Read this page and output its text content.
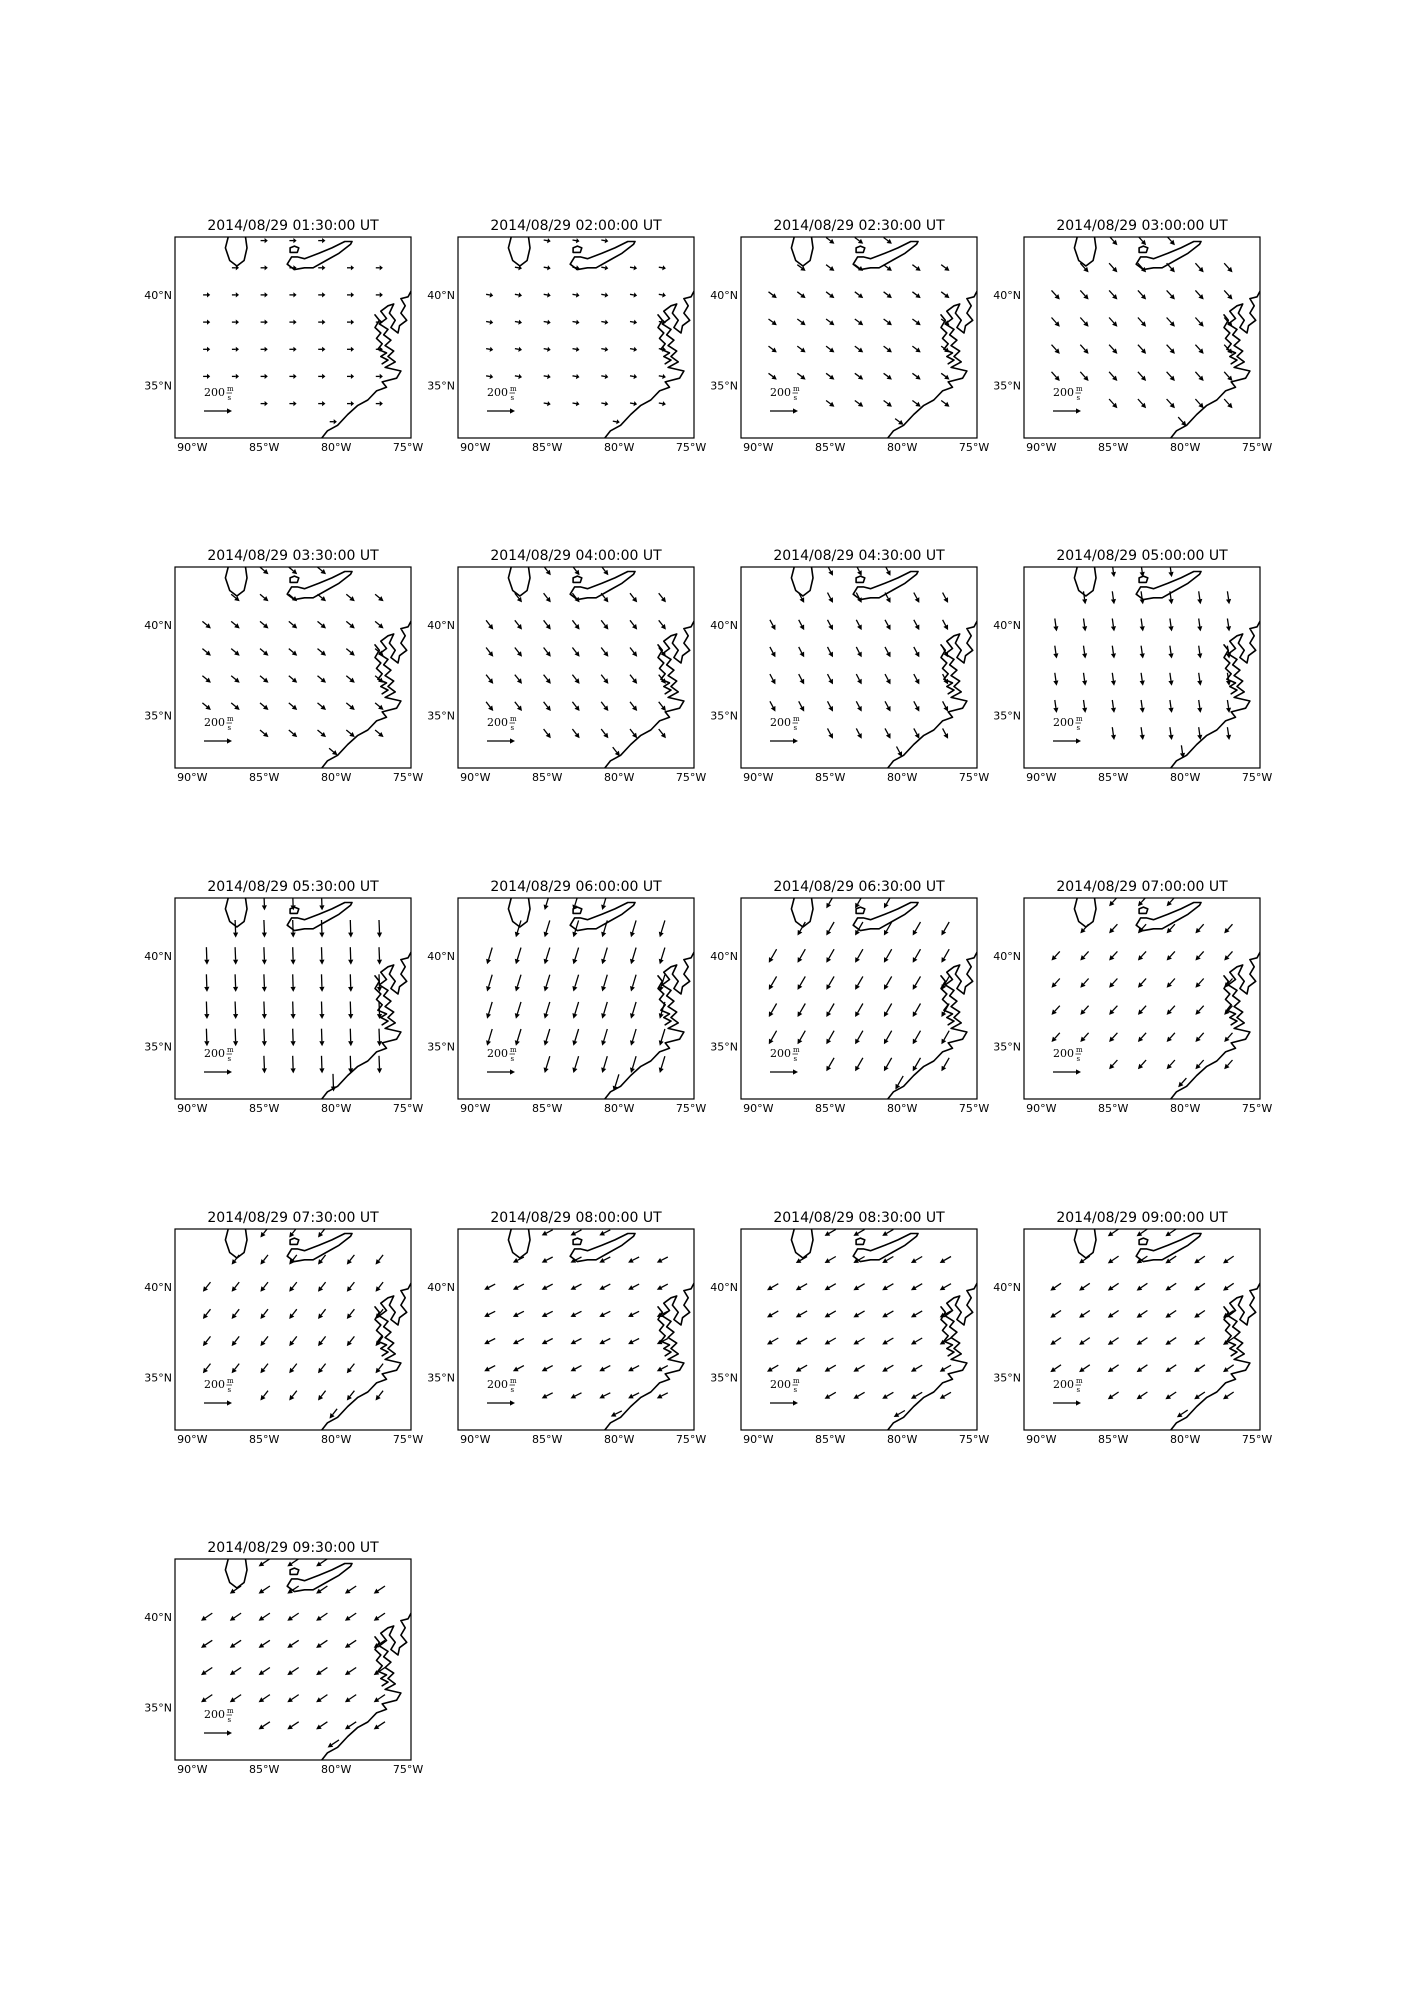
2014/08/29 01:30:00 UT
200 m
s
90°W	85°W	80°W	75°W
40°N
35°N
2014/08/29 02:00:00 UT
200 m
s
90°W	85°W	80°W	75°W
40°N
35°N
2014/08/29 02:30:00 UT
200 m
s
90°W	85°W	80°W	75°W
40°N
35°N
2014/08/29 03:00:00 UT
200 m
s
90°W	85°W	80°W	75°W
40°N
35°N
2014/08/29 03:30:00 UT
200 m
s
90°W	85°W	80°W	75°W
40°N
35°N
2014/08/29 04:00:00 UT
200 m
s
90°W	85°W	80°W	75°W
40°N
35°N
2014/08/29 04:30:00 UT
200 m
s
90°W	85°W	80°W	75°W
40°N
35°N
2014/08/29 05:00:00 UT
200 m
s
90°W	85°W	80°W	75°W
40°N
35°N
2014/08/29 05:30:00 UT
200 m
s
90°W	85°W	80°W	75°W
40°N
35°N
2014/08/29 06:00:00 UT
200 m
s
90°W	85°W	80°W	75°W
40°N
35°N
2014/08/29 06:30:00 UT
200 m
s
90°W	85°W	80°W	75°W
40°N
35°N
2014/08/29 07:00:00 UT
200 m
s
90°W	85°W	80°W	75°W
40°N
35°N
2014/08/29 07:30:00 UT
200 m
s
90°W	85°W	80°W	75°W
40°N
35°N
2014/08/29 08:00:00 UT
200 m
s
90°W	85°W	80°W	75°W
40°N
35°N
2014/08/29 08:30:00 UT
200 m
s
90°W	85°W	80°W	75°W
40°N
35°N
2014/08/29 09:00:00 UT
200 m
s
90°W	85°W	80°W	75°W
40°N
35°N
2014/08/29 09:30:00 UT
200 m
s
90°W	85°W	80°W	75°W
40°N
35°N
